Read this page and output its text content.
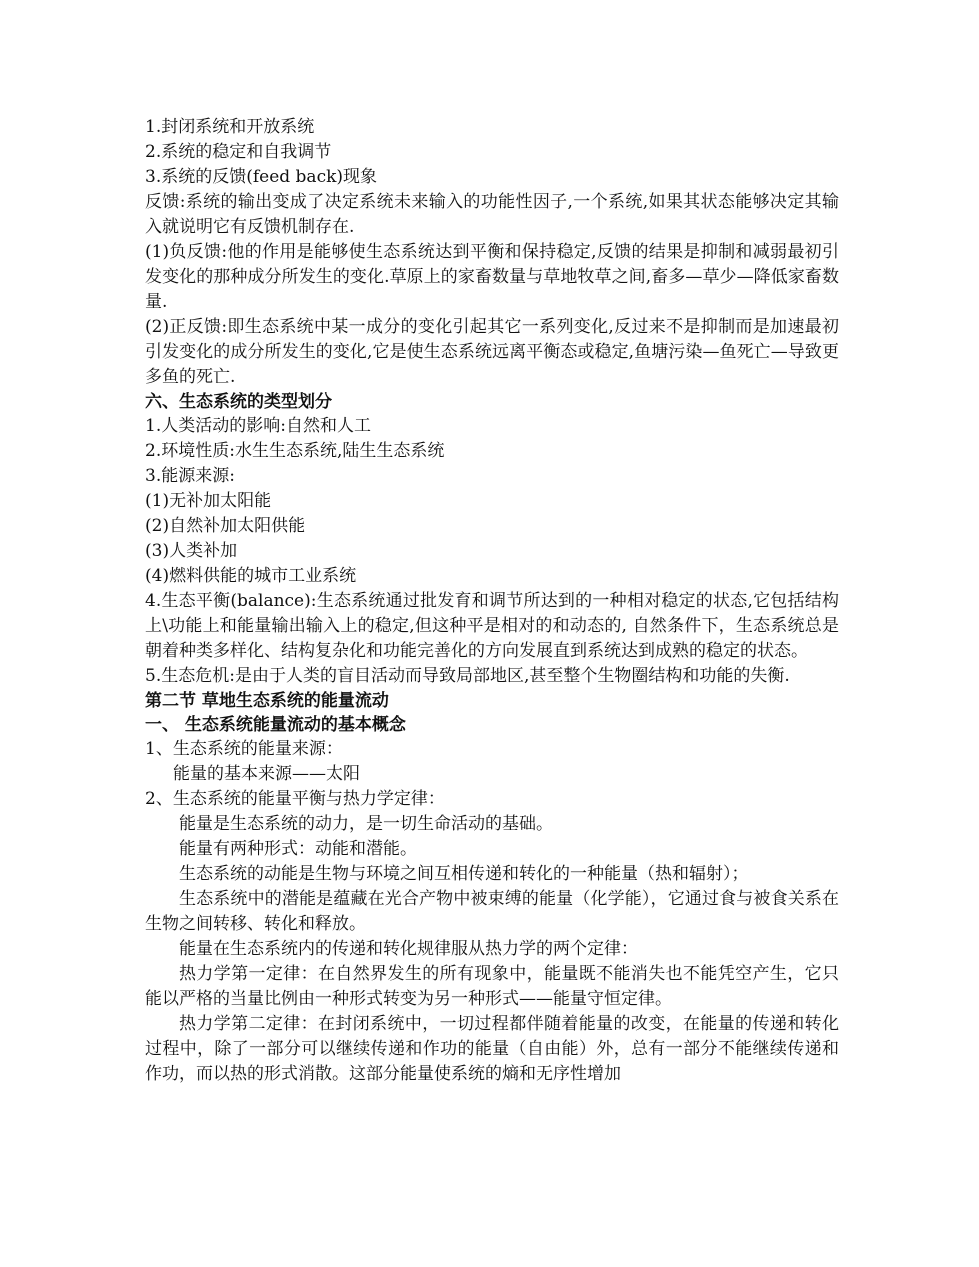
1.封闭系统和开放系统

2.系统的稳定和自我调节

3.系统的反馈(feed back)现象

反馈:系统的输出变成了决定系统未来输入的功能性因子,一个系统,如果其状态能够决定其输入就说明它有反馈机制存在.

(1)负反馈:他的作用是能够使生态系统达到平衡和保持稳定,反馈的结果是抑制和减弱最初引发变化的那种成分所发生的变化.草原上的家畜数量与草地牧草之间,畜多—草少—降低家畜数量.

(2)正反馈:即生态系统中某一成分的变化引起其它一系列变化,反过来不是抑制而是加速最初引发变化的成分所发生的变化,它是使生态系统远离平衡态或稳定,鱼塘污染—鱼死亡—导致更多鱼的死亡.

六、生态系统的类型划分

1.人类活动的影响:自然和人工

2.环境性质:水生生态系统,陆生生态系统

3.能源来源:

(1)无补加太阳能

(2)自然补加太阳供能

(3)人类补加

(4)燃料供能的城市工业系统

4.生态平衡(balance):生态系统通过批发育和调节所达到的一种相对稳定的状态,它包括结构上\功能上和能量输出输入上的稳定,但这种平是相对的和动态的, 自然条件下，生态系统总是朝着种类多样化、结构复杂化和功能完善化的方向发展直到系统达到成熟的稳定的状态。

5.生态危机:是由于人类的盲目活动而导致局部地区,甚至整个生物圈结构和功能的失衡.

第二节 草地生态系统的能量流动

一、 生态系统能量流动的基本概念

1、生态系统的能量来源：

能量的基本来源——太阳

2、生态系统的能量平衡与热力学定律：

能量是生态系统的动力，是一切生命活动的基础。

能量有两种形式：动能和潜能。

生态系统的动能是生物与环境之间互相传递和转化的一种能量（热和辐射）；

生态系统中的潜能是蕴藏在光合产物中被束缚的能量（化学能），它通过食与被食关系在生物之间转移、转化和释放。

能量在生态系统内的传递和转化规律服从热力学的两个定律：

热力学第一定律：在自然界发生的所有现象中，能量既不能消失也不能凭空产生，它只能以严格的当量比例由一种形式转变为另一种形式——能量守恒定律。

热力学第二定律：在封闭系统中，一切过程都伴随着能量的改变，在能量的传递和转化过程中，除了一部分可以继续传递和作功的能量（自由能）外，总有一部分不能继续传递和作功，而以热的形式消散。这部分能量使系统的熵和无序性增加
